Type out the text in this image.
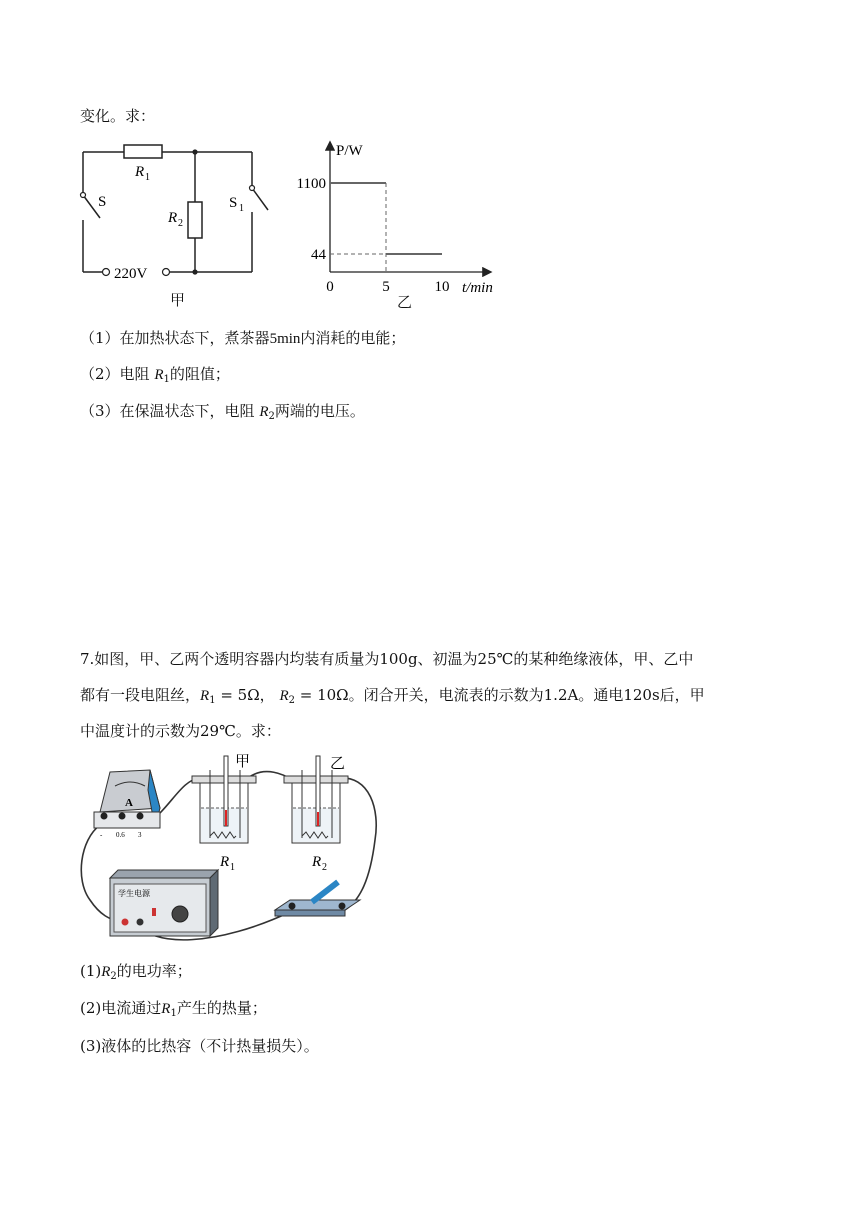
变化。求：
R 1
R 2
S	S 1
220V
甲
P/W
t/min
1100
44
0	5	10
乙
（1）在加热状态下，煮茶器5min内消耗的电能；
（2）电阻 $R_1$的阻值；
（3）在保温状态下，电阻 $R_2$两端的电压。
7.如图，甲、乙两个透明容器内均装有质量为100g、初温为25℃的某种绝缘液体，甲、乙中
都有一段电阻丝，$R_1 = 5\Omega$， $R_2 = 10\Omega$。闭合开关，电流表的示数为1.2A。通电120s后，甲
中温度计的示数为29℃。求：
A
- 0.6 3
甲
R 1
乙
R 2
学生电源
$(1)R_2$的电功率；
(2)电流通过$R_1$产生的热量；
(3)液体的比热容（不计热量损失）。
